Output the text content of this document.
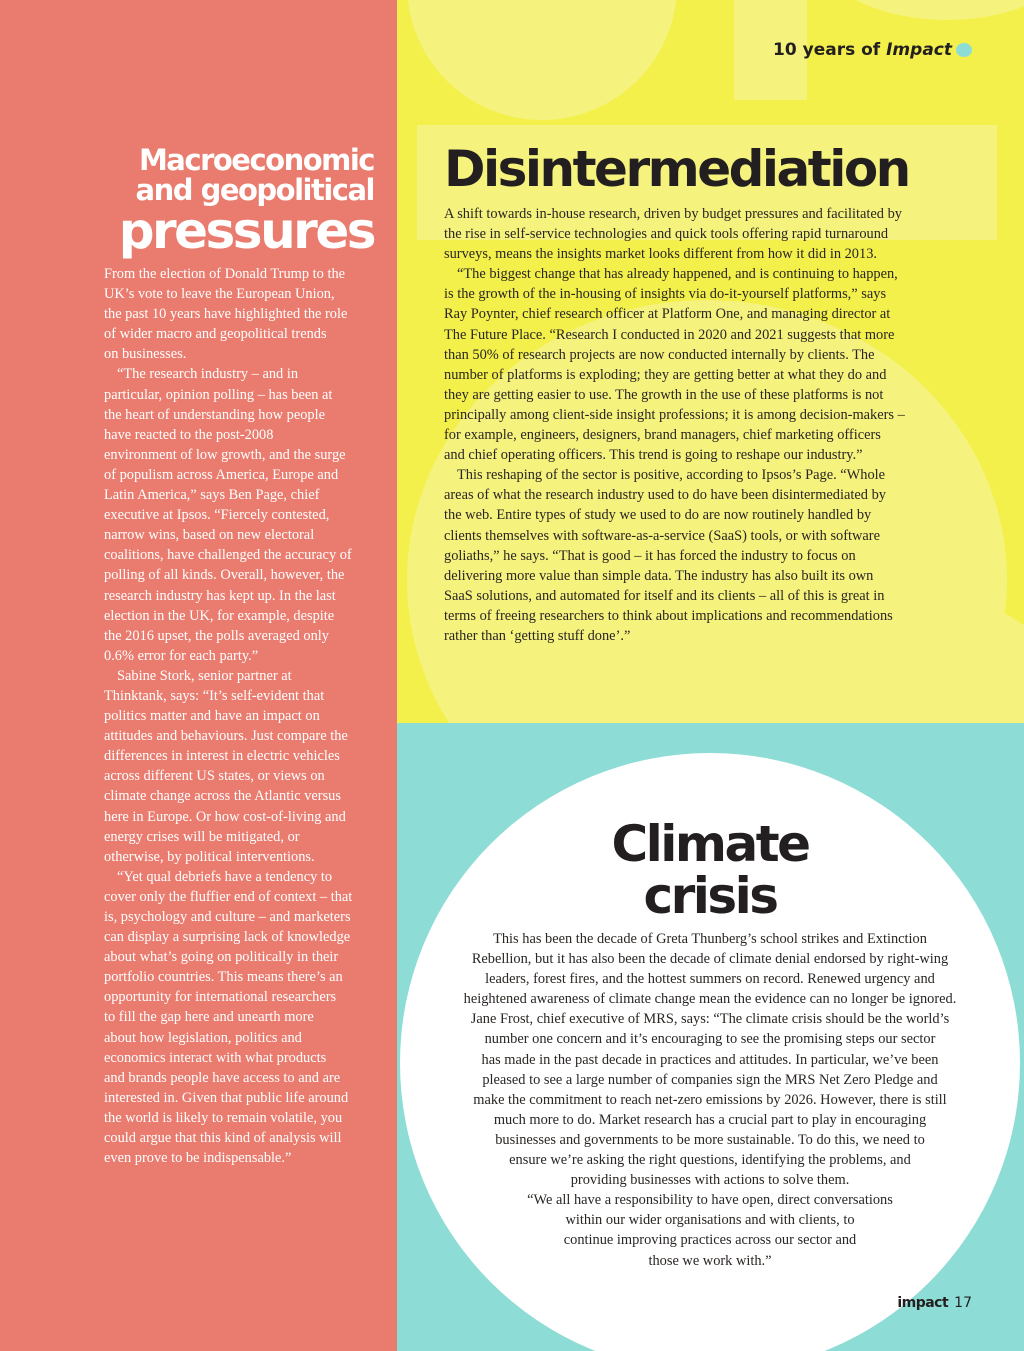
10 years of Impact
Macroeconomic
and geopolitical
pressures
From the election of Donald Trump to the
UK’s vote to leave the European Union,
the past 10 years have highlighted the role
of wider macro and geopolitical trends
on businesses.
“The research industry – and in
particular, opinion polling – has been at
the heart of understanding how people
have reacted to the post-2008
environment of low growth, and the surge
of populism across America, Europe and
Latin America,” says Ben Page, chief
executive at Ipsos. “Fiercely contested,
narrow wins, based on new electoral
coalitions, have challenged the accuracy of
polling of all kinds. Overall, however, the
research industry has kept up. In the last
election in the UK, for example, despite
the 2016 upset, the polls averaged only
0.6% error for each party.”
Sabine Stork, senior partner at
Thinktank, says: “It’s self-evident that
politics matter and have an impact on
attitudes and behaviours. Just compare the
differences in interest in electric vehicles
across different US states, or views on
climate change across the Atlantic versus
here in Europe. Or how cost-of-living and
energy crises will be mitigated, or
otherwise, by political interventions.
“Yet qual debriefs have a tendency to
cover only the fluffier end of context – that
is, psychology and culture – and marketers
can display a surprising lack of knowledge
about what’s going on politically in their
portfolio countries. This means there’s an
opportunity for international researchers
to fill the gap here and unearth more
about how legislation, politics and
economics interact with what products
and brands people have access to and are
interested in. Given that public life around
the world is likely to remain volatile, you
could argue that this kind of analysis will
even prove to be indispensable.”
Disintermediation
A shift towards in-house research, driven by budget pressures and facilitated by
the rise in self-service technologies and quick tools offering rapid turnaround
surveys, means the insights market looks different from how it did in 2013.
“The biggest change that has already happened, and is continuing to happen,
is the growth of the in-housing of insights via do-it-yourself platforms,” says
Ray Poynter, chief research officer at Platform One, and managing director at
The Future Place. “Research I conducted in 2020 and 2021 suggests that more
than 50% of research projects are now conducted internally by clients. The
number of platforms is exploding; they are getting better at what they do and
they are getting easier to use. The growth in the use of these platforms is not
principally among client-side insight professions; it is among decision-makers –
for example, engineers, designers, brand managers, chief marketing officers
and chief operating officers. This trend is going to reshape our industry.”
This reshaping of the sector is positive, according to Ipsos’s Page. “Whole
areas of what the research industry used to do have been disintermediated by
the web. Entire types of study we used to do are now routinely handled by
clients themselves with software-as-a-service (SaaS) tools, or with software
goliaths,” he says. “That is good – it has forced the industry to focus on
delivering more value than simple data. The industry has also built its own
SaaS solutions, and automated for itself and its clients – all of this is great in
terms of freeing researchers to think about implications and recommendations
rather than ‘getting stuff done’.”
Climate
crisis
This has been the decade of Greta Thunberg’s school strikes and Extinction
Rebellion, but it has also been the decade of climate denial endorsed by right-wing
leaders, forest fires, and the hottest summers on record. Renewed urgency and
heightened awareness of climate change mean the evidence can no longer be ignored.
Jane Frost, chief executive of MRS, says: “The climate crisis should be the world’s
number one concern and it’s encouraging to see the promising steps our sector
has made in the past decade in practices and attitudes. In particular, we’ve been
pleased to see a large number of companies sign the MRS Net Zero Pledge and
make the commitment to reach net-zero emissions by 2026. However, there is still
much more to do. Market research has a crucial part to play in encouraging
businesses and governments to be more sustainable. To do this, we need to
ensure we’re asking the right questions, identifying the problems, and
providing businesses with actions to solve them.
“We all have a responsibility to have open, direct conversations
within our wider organisations and with clients, to
continue improving practices across our sector and
those we work with.”
impact 17
